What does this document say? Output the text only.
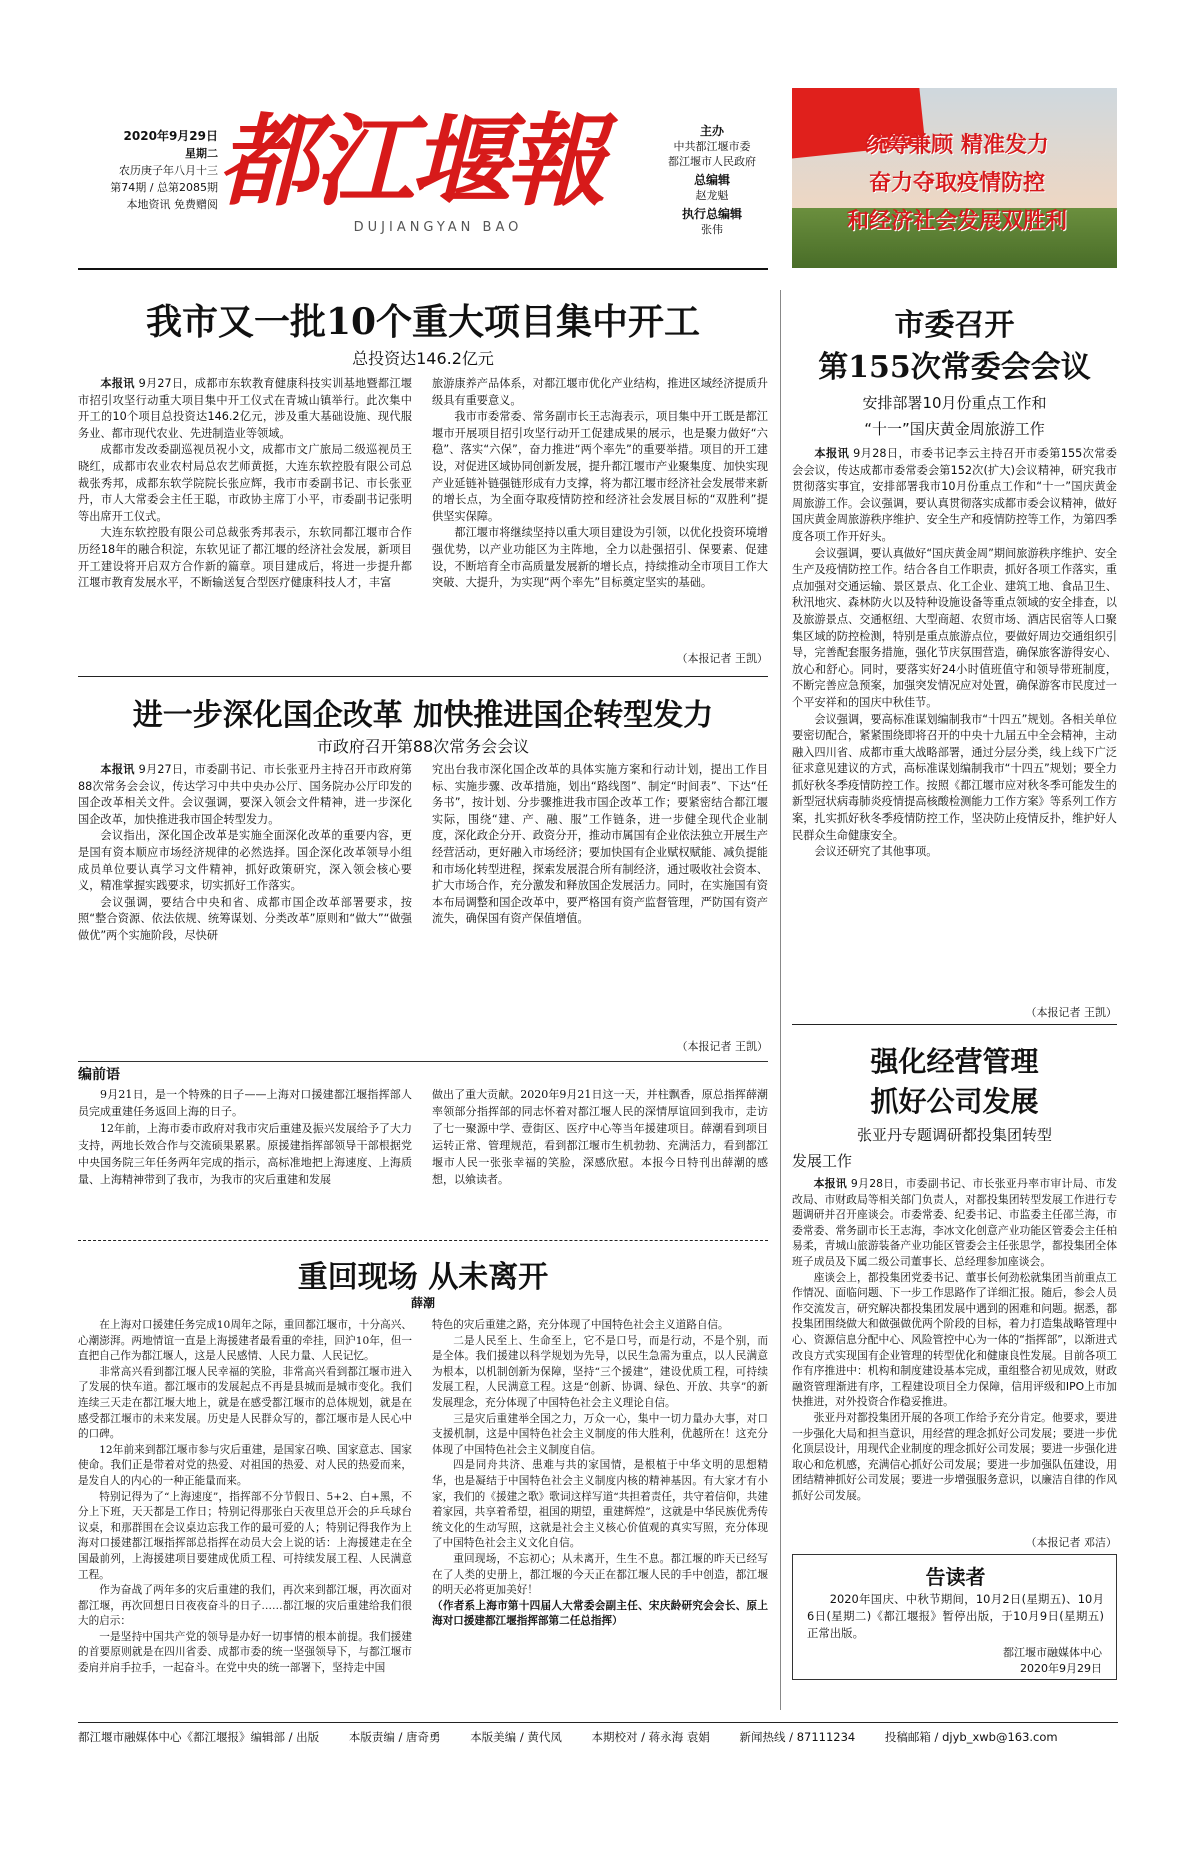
2020年9月29日
星期二
农历庚子年八月十三
第74期 / 总第2085期
本地资讯 免费赠阅 都江堰報
DUJIANGYAN BAO
主办
中共都江堰市委
都江堰市人民政府
总编辑
赵龙魁
执行总编辑
张伟
统筹兼顾 精准发力
奋力夺取疫情防控
和经济社会发展双胜利
我市又一批10个重大项目集中开工
总投资达146.2亿元

本报讯 9月27日，成都市东软教育健康科技实训基地暨都江堰市招引攻坚行动重大项目集中开工仪式在青城山镇举行。此次集中开工的10个项目总投资达146.2亿元，涉及重大基础设施、现代服务业、都市现代农业、先进制造业等领域。

成都市发改委副巡视员祝小文，成都市文广旅局二级巡视员王晓红，成都市农业农村局总农艺师黄挺，大连东软控股有限公司总裁张秀邦，成都东软学院院长张应辉，我市市委副书记、市长张亚丹，市人大常委会主任王聪，市政协主席丁小平，市委副书记张明等出席开工仪式。

大连东软控股有限公司总裁张秀邦表示，东软同都江堰市合作历经18年的融合积淀，东软见证了都江堰的经济社会发展，新项目开工建设将开启双方合作新的篇章。项目建成后，将进一步提升都江堰市教育发展水平，不断输送复合型医疗健康科技人才，丰富

旅游康养产品体系，对都江堰市优化产业结构，推进区域经济提质升级具有重要意义。

我市市委常委、常务副市长王志海表示，项目集中开工既是都江堰市开展项目招引攻坚行动开工促建成果的展示，也是聚力做好“六稳”、落实“六保”，奋力推进“两个率先”的重要举措。项目的开工建设，对促进区域协同创新发展，提升都江堰市产业聚集度、加快实现产业延链补链强链形成有力支撑，将为都江堰市经济社会发展带来新的增长点，为全面夺取疫情防控和经济社会发展目标的“双胜利”提供坚实保障。

都江堰市将继续坚持以重大项目建设为引领，以优化投资环境增强优势，以产业功能区为主阵地，全力以赴强招引、保要素、促建设，不断培育全市高质量发展新的增长点，持续推动全市项目工作大突破、大提升，为实现“两个率先”目标奠定坚实的基础。

（本报记者 王凯）
进一步深化国企改革 加快推进国企转型发力
市政府召开第88次常务会会议

本报讯 9月27日，市委副书记、市长张亚丹主持召开市政府第88次常务会会议，传达学习中共中央办公厅、国务院办公厅印发的国企改革相关文件。会议强调，要深入领会文件精神，进一步深化国企改革，加快推进我市国企转型发力。

会议指出，深化国企改革是实施全面深化改革的重要内容，更是国有资本顺应市场经济规律的必然选择。国企深化改革领导小组成员单位要认真学习文件精神，抓好政策研究，深入领会核心要义，精准掌握实践要求，切实抓好工作落实。

会议强调，要结合中央和省、成都市国企改革部署要求，按照“整合资源、依法依规、统筹谋划、分类改革”原则和“做大”“做强做优”两个实施阶段，尽快研

究出台我市深化国企改革的具体实施方案和行动计划，提出工作目标、实施步骤、改革措施，划出“路线图”、制定“时间表”、下达“任务书”，按计划、分步骤推进我市国企改革工作；要紧密结合都江堰实际，围绕“建、产、融、服”工作链条，进一步健全现代企业制度，深化政企分开、政资分开，推动市属国有企业依法独立开展生产经营活动，更好融入市场经济；要加快国有企业赋权赋能、减负提能和市场化转型进程，探索发展混合所有制经济，通过吸收社会资本、扩大市场合作，充分激发和释放国企发展活力。同时，在实施国有资本布局调整和国企改革中，要严格国有资产监督管理，严防国有资产流失，确保国有资产保值增值。

（本报记者 王凯）
编前语

9月21日，是一个特殊的日子——上海对口援建都江堰指挥部人员完成重建任务返回上海的日子。

12年前，上海市委市政府对我市灾后重建及振兴发展给予了大力支持，两地长效合作与交流硕果累累。原援建指挥部领导干部根据党中央国务院三年任务两年完成的指示，高标准地把上海速度、上海质量、上海精神带到了我市，为我市的灾后重建和发展

做出了重大贡献。2020年9月21日这一天，并柱飘香，原总指挥薛潮率领部分指挥部的同志怀着对都江堰人民的深情厚谊回到我市，走访了七一聚源中学、壹街区、医疗中心等当年援建项目。薛潮看到项目运转正常、管理规范，看到都江堰市生机勃勃、充满活力，看到都江堰市人民一张张幸福的笑脸，深感欣慰。本报今日特刊出薛潮的感想，以飨读者。

重回现场 从未离开
薛潮

在上海对口援建任务完成10周年之际，重回都江堰市，十分高兴、心潮澎湃。两地情谊一直是上海援建者最看重的牵挂，回沪10年，但一直把自己作为都江堰人，这是人民感情、人民力量、人民记忆。

非常高兴看到都江堰人民幸福的笑脸，非常高兴看到都江堰市进入了发展的快车道。都江堰市的发展起点不再是县城而是城市变化。我们连续三天走在都江堰大地上，就是在感受都江堰市的总体规划，就是在感受都江堰市的未来发展。历史是人民群众写的，都江堰市是人民心中的口碑。

12年前来到都江堰市参与灾后重建，是国家召唤、国家意志、国家使命。我们正是带着对党的热爱、对祖国的热爱、对人民的热爱而来，是发自人的内心的一种正能量而来。

特别记得为了“上海速度”，指挥部不分节假日、5+2、白+黑，不分上下班，天天都是工作日；特别记得那张白天夜里总开会的乒乓球台议桌，和那群围在会议桌边忘我工作的最可爱的人；特别记得我作为上海对口援建都江堰指挥部总指挥在动员大会上说的话：上海援建走在全国最前列，上海援建项目要建成优质工程、可持续发展工程、人民满意工程。

作为奋战了两年多的灾后重建的我们，再次来到都江堰，再次面对都江堰，再次回想日日夜夜奋斗的日子……都江堰的灾后重建给我们很大的启示：

一是坚持中国共产党的领导是办好一切事情的根本前提。我们援建的首要原则就是在四川省委、成都市委的统一坚强领导下，与都江堰市委肩并肩手拉手，一起奋斗。在党中央的统一部署下，坚持走中国

特色的灾后重建之路，充分体现了中国特色社会主义道路自信。

二是人民至上、生命至上，它不是口号，而是行动，不是个别，而是全体。我们援建以科学规划为先导，以民生急需为重点，以人民满意为根本，以机制创新为保障，坚持“三个援建”，建设优质工程，可持续发展工程，人民满意工程。这是“创新、协调、绿色、开放、共享”的新发展理念，充分体现了中国特色社会主义理论自信。

三是灾后重建举全国之力，万众一心，集中一切力量办大事，对口支援机制，这是中国特色社会主义制度的伟大胜利，优越所在！这充分体现了中国特色社会主义制度自信。

四是同舟共济、患难与共的家国情，是根植于中华文明的思想精华，也是凝结于中国特色社会主义制度内核的精神基因。有大家才有小家，我们的《援建之歌》歌词这样写道“共担着责任，共守着信仰，共建着家园，共享着希望，祖国的期望，重建辉煌”，这就是中华民族优秀传统文化的生动写照，这就是社会主义核心价值观的真实写照，充分体现了中国特色社会主义文化自信。

重回现场，不忘初心；从未离开，生生不息。都江堰的昨天已经写在了人类的史册上，都江堰的今天正在都江堰人民的手中创造，都江堰的明天必将更加美好！

（作者系上海市第十四届人大常委会副主任、宋庆龄研究会会长、原上海对口援建都江堰指挥部第二任总指挥）

市委召开
第155次常委会会议
安排部署10月份重点工作和
“十一”国庆黄金周旅游工作

本报讯 9月28日，市委书记李云主持召开市委第155次常委会会议，传达成都市委常委会第152次(扩大)会议精神，研究我市贯彻落实事宜，安排部署我市10月份重点工作和“十一”国庆黄金周旅游工作。会议强调，要认真贯彻落实成都市委会议精神，做好国庆黄金周旅游秩序维护、安全生产和疫情防控等工作，为第四季度各项工作开好头。

会议强调，要认真做好“国庆黄金周”期间旅游秩序维护、安全生产及疫情防控工作。结合各自工作职责，抓好各项工作落实，重点加强对交通运输、景区景点、化工企业、建筑工地、食品卫生、秋汛地灾、森林防火以及特种设施设备等重点领域的安全排查，以及旅游景点、交通枢纽、大型商超、农贸市场、酒店民宿等人口聚集区域的防控检测，特别是重点旅游点位，要做好周边交通组织引导，完善配套服务措施，强化节庆氛围营造，确保旅客游得安心、放心和舒心。同时，要落实好24小时值班值守和领导带班制度，不断完善应急预案，加强突发情况应对处置，确保游客市民度过一个平安祥和的国庆中秋佳节。

会议强调，要高标准谋划编制我市“十四五”规划。各相关单位要密切配合，紧紧围绕即将召开的中央十九届五中全会精神，主动融入四川省、成都市重大战略部署，通过分层分类，线上线下广泛征求意见建议的方式，高标准谋划编制我市“十四五”规划；要全力抓好秋冬季疫情防控工作。按照《都江堰市应对秋冬季可能发生的新型冠状病毒肺炎疫情提高核酸检测能力工作方案》等系列工作方案，扎实抓好秋冬季疫情防控工作，坚决防止疫情反扑，维护好人民群众生命健康安全。

会议还研究了其他事项。

（本报记者 王凯）
强化经营管理
抓好公司发展
张亚丹专题调研都投集团转型
发展工作

本报讯 9月28日，市委副书记、市长张亚丹率市审计局、市发改局、市财政局等相关部门负责人，对都投集团转型发展工作进行专题调研并召开座谈会。市委常委、纪委书记、市监委主任邵兰海，市委常委、常务副市长王志海，李冰文化创意产业功能区管委会主任柏易柔，青城山旅游装备产业功能区管委会主任张思学，都投集团全体班子成员及下属二级公司董事长、总经理参加座谈会。

座谈会上，都投集团党委书记、董事长何劲松就集团当前重点工作情况、面临问题、下一步工作思路作了详细汇报。随后，参会人员作交流发言，研究解决都投集团发展中遇到的困难和问题。据悉，都投集团围绕做大和做强做优两个阶段的目标，着力打造集战略管理中心、资源信息分配中心、风险管控中心为一体的“指挥部”，以渐进式改良方式实现国有企业管理的转型优化和健康良性发展。目前各项工作有序推进中：机构和制度建设基本完成，重组整合初见成效，财政融资管理渐进有序，工程建设项目全力保障，信用评级和IPO上市加快推进，对外投资合作稳妥推进。

张亚丹对都投集团开展的各项工作给予充分肯定。他要求，要进一步强化大局和担当意识，用经营的理念抓好公司发展；要进一步优化顶层设计，用现代企业制度的理念抓好公司发展；要进一步强化进取心和危机感，充满信心抓好公司发展；要进一步加强队伍建设，用团结精神抓好公司发展；要进一步增强服务意识，以廉洁自律的作风抓好公司发展。

（本报记者 邓洁）
告读者
2020年国庆、中秋节期间，10月2日(星期五)、10月6日(星期二)《都江堰报》暂停出版，于10月9日(星期五)正常出版。
都江堰市融媒体中心
2020年9月29日
都江堰市融媒体中心《都江堰报》编辑部 / 出版	本版责编 / 唐奇勇	本版美编 / 黄代凤	本期校对 / 蒋永海 袁娟	新闻热线 / 87111234	投稿邮箱 / djyb_xwb@163.com
